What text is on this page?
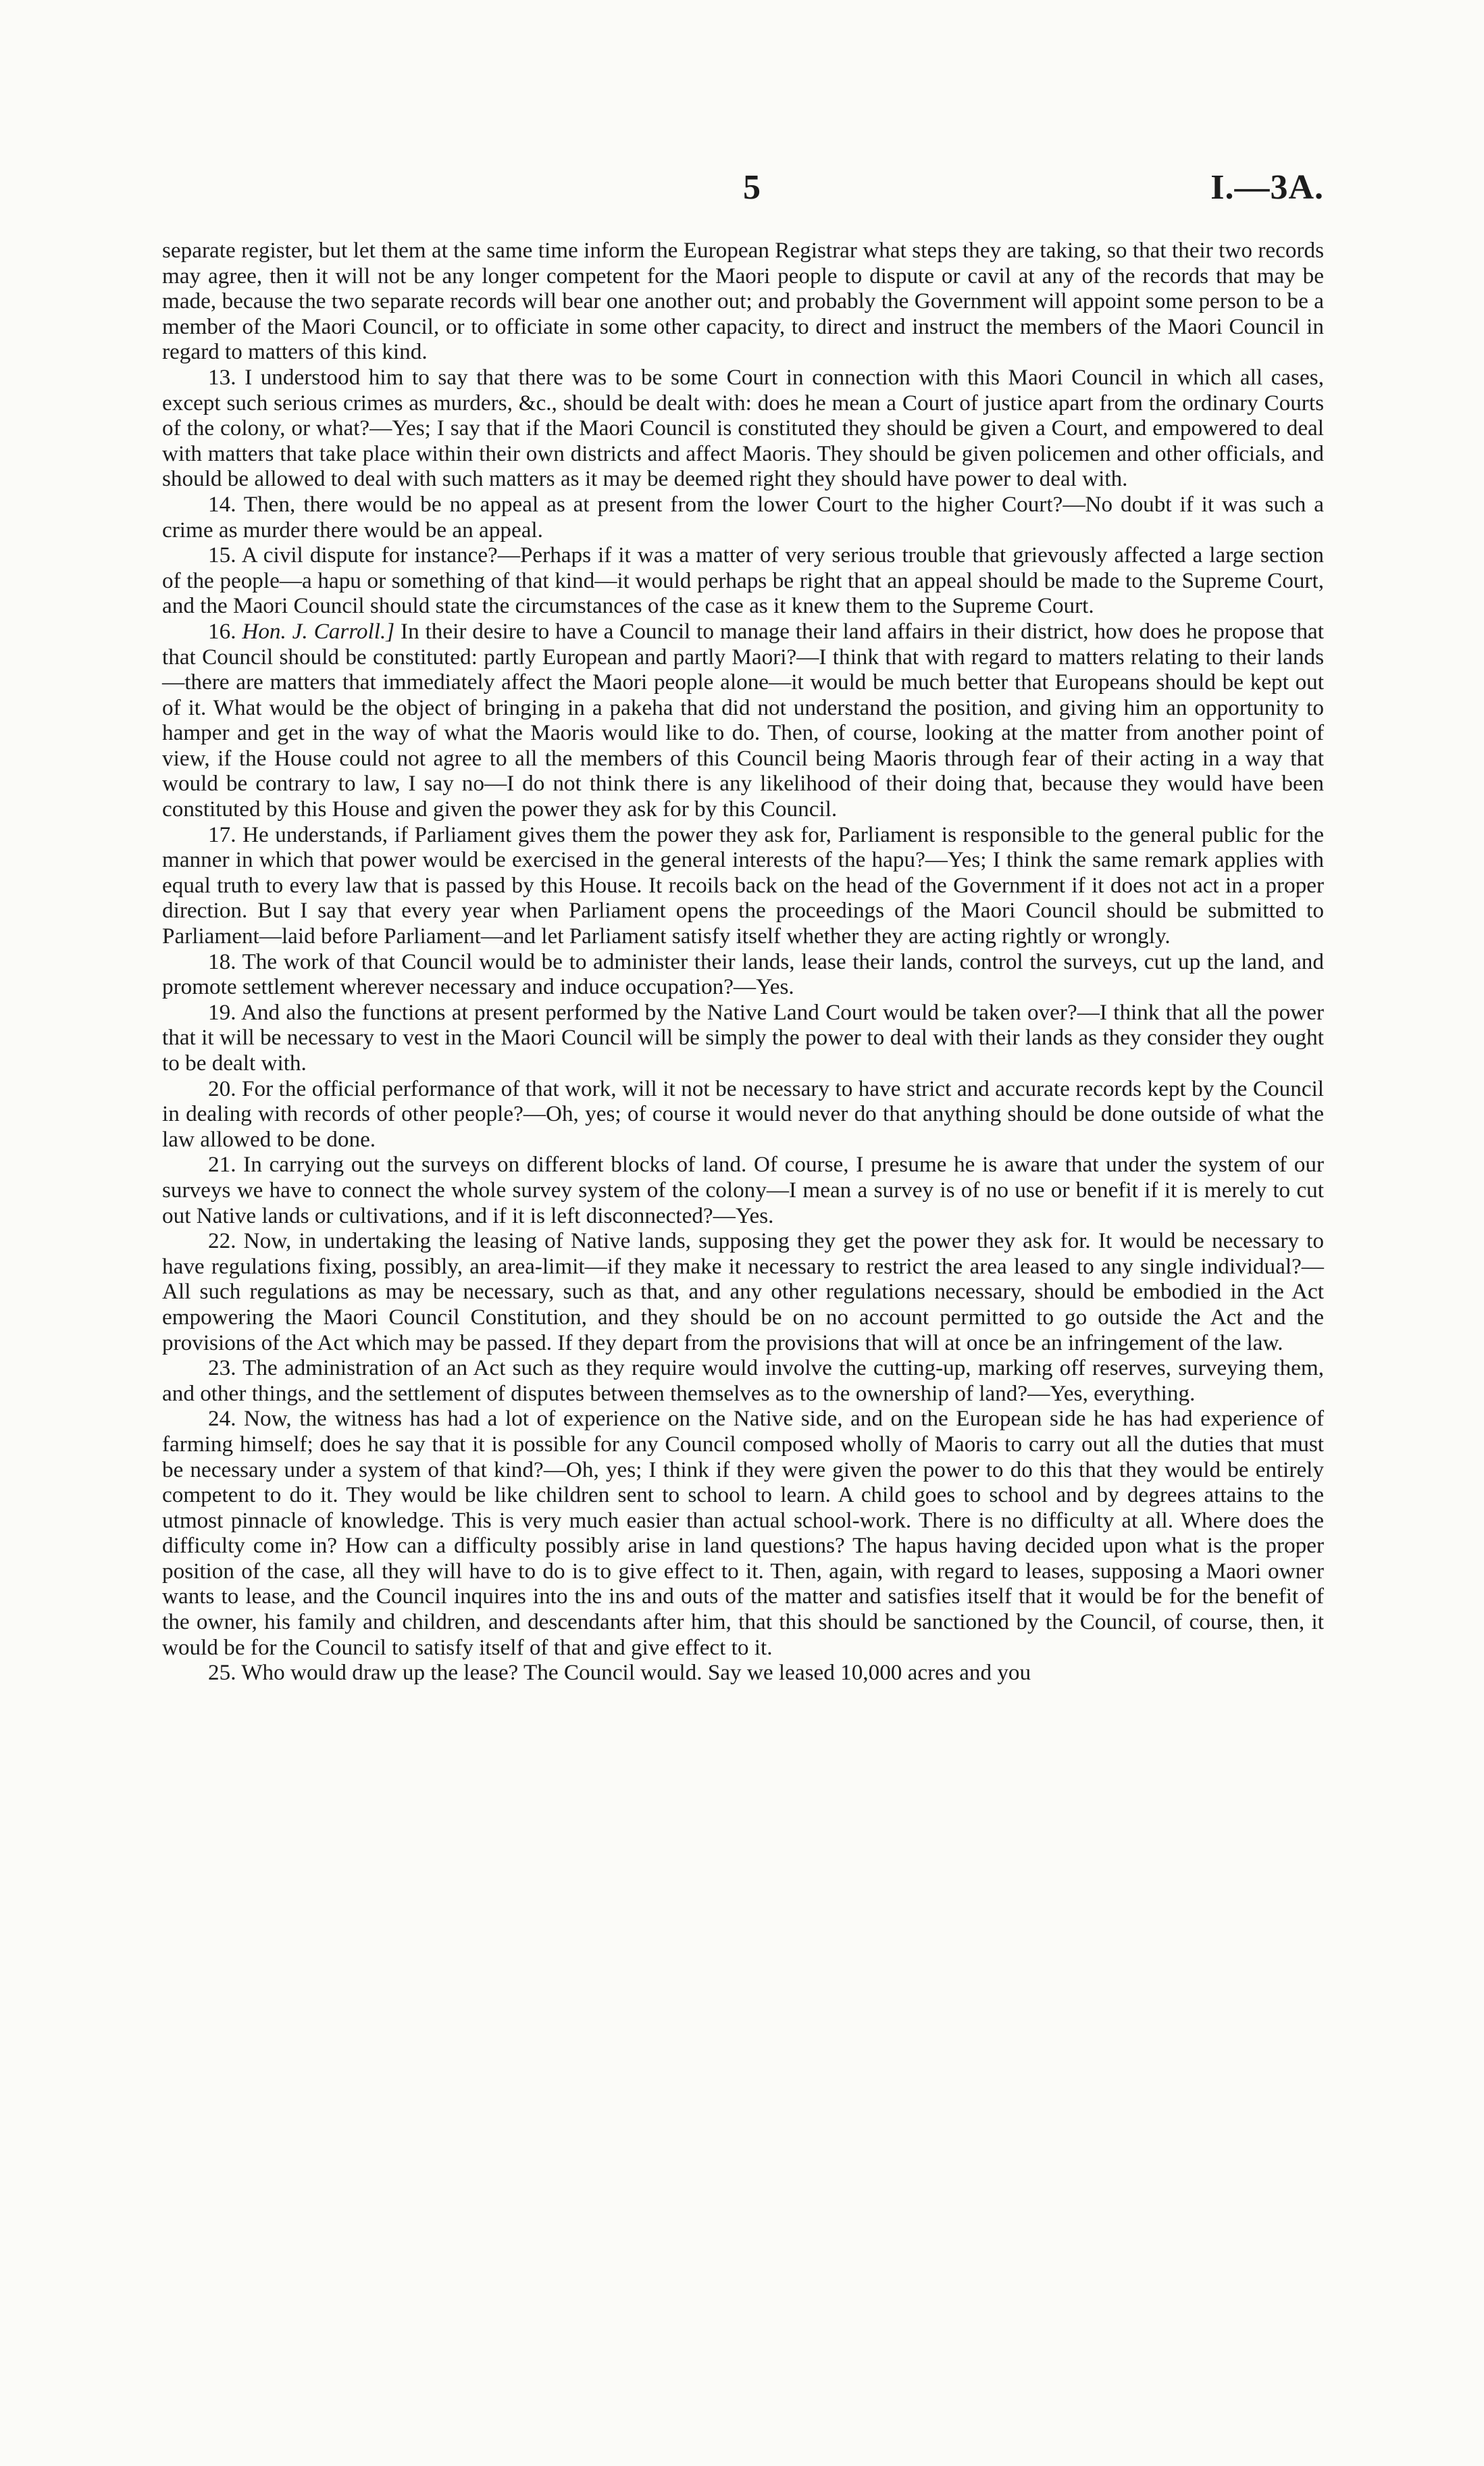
5	I.—3A.

separate register, but let them at the same time inform the European Registrar what steps they are taking, so that their two records may agree, then it will not be any longer competent for the Maori people to dispute or cavil at any of the records that may be made, because the two separate records will bear one another out; and probably the Government will appoint some person to be a member of the Maori Council, or to officiate in some other capacity, to direct and instruct the members of the Maori Council in regard to matters of this kind.

13. I understood him to say that there was to be some Court in connection with this Maori Council in which all cases, except such serious crimes as murders, &c., should be dealt with: does he mean a Court of justice apart from the ordinary Courts of the colony, or what?—Yes; I say that if the Maori Council is constituted they should be given a Court, and empowered to deal with matters that take place within their own districts and affect Maoris. They should be given policemen and other officials, and should be allowed to deal with such matters as it may be deemed right they should have power to deal with.

14. Then, there would be no appeal as at present from the lower Court to the higher Court?—No doubt if it was such a crime as murder there would be an appeal.

15. A civil dispute for instance?—Perhaps if it was a matter of very serious trouble that grievously affected a large section of the people—a hapu or something of that kind—it would perhaps be right that an appeal should be made to the Supreme Court, and the Maori Council should state the circumstances of the case as it knew them to the Supreme Court.

16. Hon. J. Carroll.] In their desire to have a Council to manage their land affairs in their district, how does he propose that that Council should be constituted: partly European and partly Maori?—I think that with regard to matters relating to their lands—there are matters that immediately affect the Maori people alone—it would be much better that Europeans should be kept out of it. What would be the object of bringing in a pakeha that did not understand the position, and giving him an opportunity to hamper and get in the way of what the Maoris would like to do. Then, of course, looking at the matter from another point of view, if the House could not agree to all the members of this Council being Maoris through fear of their acting in a way that would be contrary to law, I say no—I do not think there is any likelihood of their doing that, because they would have been constituted by this House and given the power they ask for by this Council.

17. He understands, if Parliament gives them the power they ask for, Parliament is responsible to the general public for the manner in which that power would be exercised in the general interests of the hapu?—Yes; I think the same remark applies with equal truth to every law that is passed by this House. It recoils back on the head of the Government if it does not act in a proper direction. But I say that every year when Parliament opens the proceedings of the Maori Council should be submitted to Parliament—laid before Parliament—and let Parliament satisfy itself whether they are acting rightly or wrongly.

18. The work of that Council would be to administer their lands, lease their lands, control the surveys, cut up the land, and promote settlement wherever necessary and induce occupation?—Yes.

19. And also the functions at present performed by the Native Land Court would be taken over?—I think that all the power that it will be necessary to vest in the Maori Council will be simply the power to deal with their lands as they consider they ought to be dealt with.

20. For the official performance of that work, will it not be necessary to have strict and accurate records kept by the Council in dealing with records of other people?—Oh, yes; of course it would never do that anything should be done outside of what the law allowed to be done.

21. In carrying out the surveys on different blocks of land. Of course, I presume he is aware that under the system of our surveys we have to connect the whole survey system of the colony—I mean a survey is of no use or benefit if it is merely to cut out Native lands or cultivations, and if it is left disconnected?—Yes.

22. Now, in undertaking the leasing of Native lands, supposing they get the power they ask for. It would be necessary to have regulations fixing, possibly, an area-limit—if they make it necessary to restrict the area leased to any single individual?—All such regulations as may be necessary, such as that, and any other regulations necessary, should be embodied in the Act empowering the Maori Council Constitution, and they should be on no account permitted to go outside the Act and the provisions of the Act which may be passed. If they depart from the provisions that will at once be an infringement of the law.

23. The administration of an Act such as they require would involve the cutting-up, marking off reserves, surveying them, and other things, and the settlement of disputes between themselves as to the ownership of land?—Yes, everything.

24. Now, the witness has had a lot of experience on the Native side, and on the European side he has had experience of farming himself; does he say that it is possible for any Council composed wholly of Maoris to carry out all the duties that must be necessary under a system of that kind?—Oh, yes; I think if they were given the power to do this that they would be entirely competent to do it. They would be like children sent to school to learn. A child goes to school and by degrees attains to the utmost pinnacle of knowledge. This is very much easier than actual school-work. There is no difficulty at all. Where does the difficulty come in? How can a difficulty possibly arise in land questions? The hapus having decided upon what is the proper position of the case, all they will have to do is to give effect to it. Then, again, with regard to leases, supposing a Maori owner wants to lease, and the Council inquires into the ins and outs of the matter and satisfies itself that it would be for the benefit of the owner, his family and children, and descendants after him, that this should be sanctioned by the Council, of course, then, it would be for the Council to satisfy itself of that and give effect to it.

25. Who would draw up the lease? The Council would. Say we leased 10,000 acres and you
